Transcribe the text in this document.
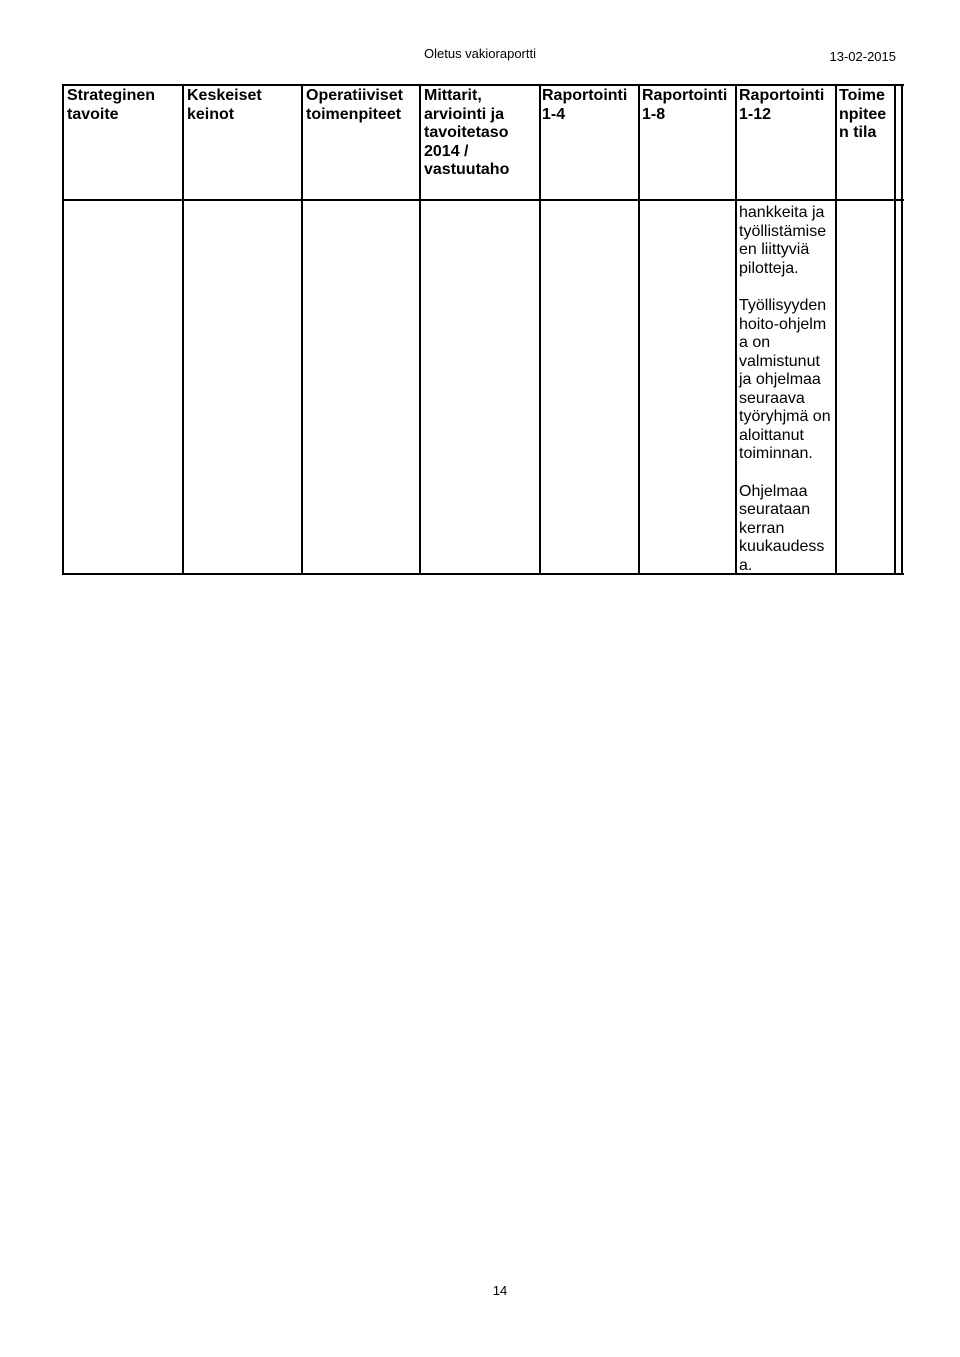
Oletus vakioraportti	13-02-2015
Strateginen
tavoite
Keskeiset
keinot
Operatiiviset
toimenpiteet
Mittarit,
arviointi ja
tavoitetaso
2014 /
vastuutaho
Raportointi
1-4
Raportointi
1-8
Raportointi
1-12
Toime
npitee
n tila
hankkeita ja
työllistämise
en liittyviä
pilotteja.
Työllisyyden
hoito-ohjelm
a on
valmistunut
ja ohjelmaa
seuraava
työryhjmä on
aloittanut
toiminnan.
Ohjelmaa
seurataan
kerran
kuukaudess
a.
14
